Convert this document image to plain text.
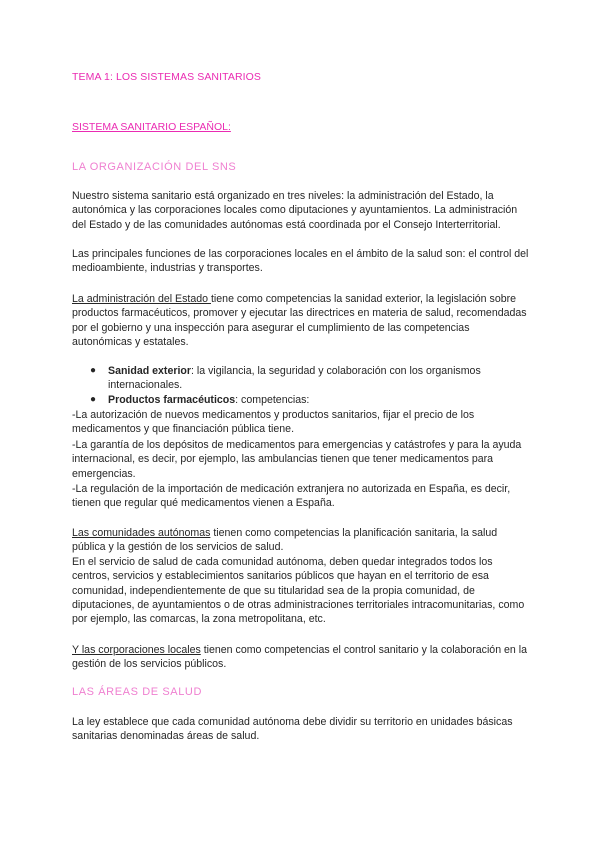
TEMA 1: LOS SISTEMAS SANITARIOS
SISTEMA SANITARIO ESPAÑOL:
LA ORGANIZACIÓN DEL SNS
Nuestro sistema sanitario está organizado en tres niveles: la administración del Estado, la autonómica y las corporaciones locales como diputaciones y ayuntamientos. La administración del Estado y de las comunidades autónomas está coordinada por el Consejo Interterritorial.
Las principales funciones de las corporaciones locales en el ámbito de la salud son: el control del medioambiente, industrias y transportes.
La administración del Estado tiene como competencias la sanidad exterior, la legislación sobre productos farmacéuticos, promover y ejecutar las directrices en materia de salud, recomendadas por el gobierno y una inspección para asegurar el cumplimiento de las competencias autonómicas y estatales.
● Sanidad exterior: la vigilancia, la seguridad y colaboración con los organismos internacionales.
● Productos farmacéuticos: competencias:
-La autorización de nuevos medicamentos y productos sanitarios, fijar el precio de los medicamentos y que financiación pública tiene.
-La garantía de los depósitos de medicamentos para emergencias y catástrofes y para la ayuda internacional, es decir, por ejemplo, las ambulancias tienen que tener medicamentos para emergencias.
-La regulación de la importación de medicación extranjera no autorizada en España, es decir, tienen que regular qué medicamentos vienen a España.
Las comunidades autónomas tienen como competencias la planificación sanitaria, la salud pública y la gestión de los servicios de salud.
En el servicio de salud de cada comunidad autónoma, deben quedar integrados todos los centros, servicios y establecimientos sanitarios públicos que hayan en el territorio de esa comunidad, independientemente de que su titularidad sea de la propia comunidad, de diputaciones, de ayuntamientos o de otras administraciones territoriales intracomunitarias, como por ejemplo, las comarcas, la zona metropolitana, etc.
Y las corporaciones locales tienen como competencias el control sanitario y la colaboración en la gestión de los servicios públicos.
LAS ÁREAS DE SALUD
La ley establece que cada comunidad autónoma debe dividir su territorio en unidades básicas sanitarias denominadas áreas de salud.
